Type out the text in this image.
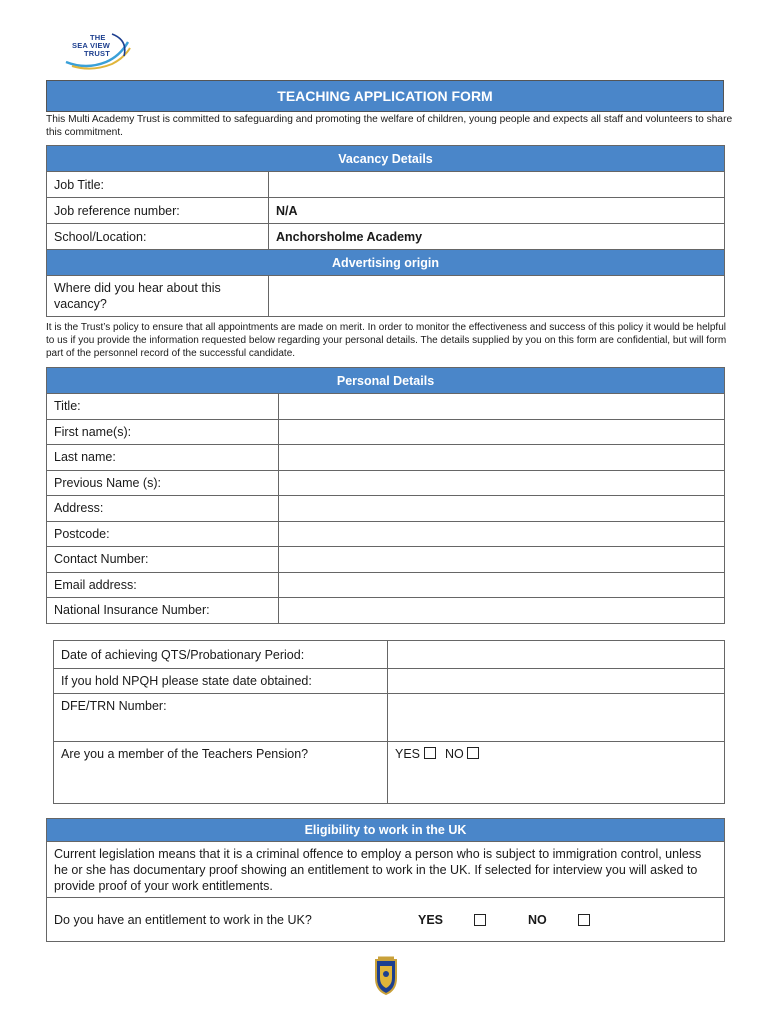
THE
SEA VIEW
TRUST
TEACHING APPLICATION FORM
This Multi Academy Trust is committed to safeguarding and promoting the welfare of children, young people and expects all staff and volunteers to share this commitment.
Vacancy Details	
Job Title:	
Job reference number:	N/A
School/Location:	Anchorsholme Academy
Advertising origin	
Where did you hear about this vacancy?	
It is the Trust’s policy to ensure that all appointments are made on merit. In order to monitor the effectiveness and success of this policy it would be helpful to us if you provide the information requested below regarding your personal details. The details supplied by you on this form are confidential, but will form part of the personnel record of the successful candidate.
Personal Details	
Title:	
First name(s):	
Last name:	
Previous Name (s):	
Address:	
Postcode:	
Contact Number:	
Email address:	
National Insurance Number:	
Date of achieving QTS/Probationary Period:	
If you hold NPQH please state date obtained:	
DFE/TRN Number:	
Are you a member of the Teachers Pension?	YES NO
Eligibility to work in the UK
Current legislation means that it is a criminal offence to employ a person who is subject to immigration control, unless he or she has documentary proof showing an entitlement to work in the UK. If selected for interview you will asked to provide proof of your work entitlements.

Do you have an entitlement to work in the UK?	YES	NO
